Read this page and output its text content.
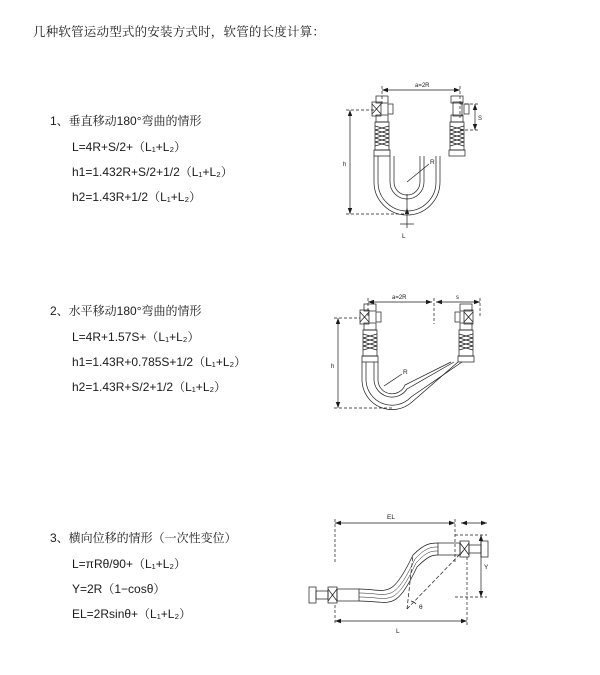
几种软管运动型式的安装方式时，软管的长度计算：
1、垂直移动180°弯曲的情形
L=4R+S/2+（L₁+L₂）
h1=1.432R+S/2+1/2（L₁+L₂）
h2=1.43R+1/2（L₁+L₂）
a=2R
S
h	R
L
2、水平移动180°弯曲的情形
L=4R+1.57S+（L₁+L₂）
h1=1.43R+0.785S+1/2（L₁+L₂）
h2=1.43R+S/2+1/2（L₁+L₂）
a=2R	s
h
R
3、横向位移的情形（一次性变位）
L=πRθ/90+（L₁+L₂）
Y=2R（1−cosθ）
EL=2Rsinθ+（L₁+L₂）
EL
Y
θ
L
